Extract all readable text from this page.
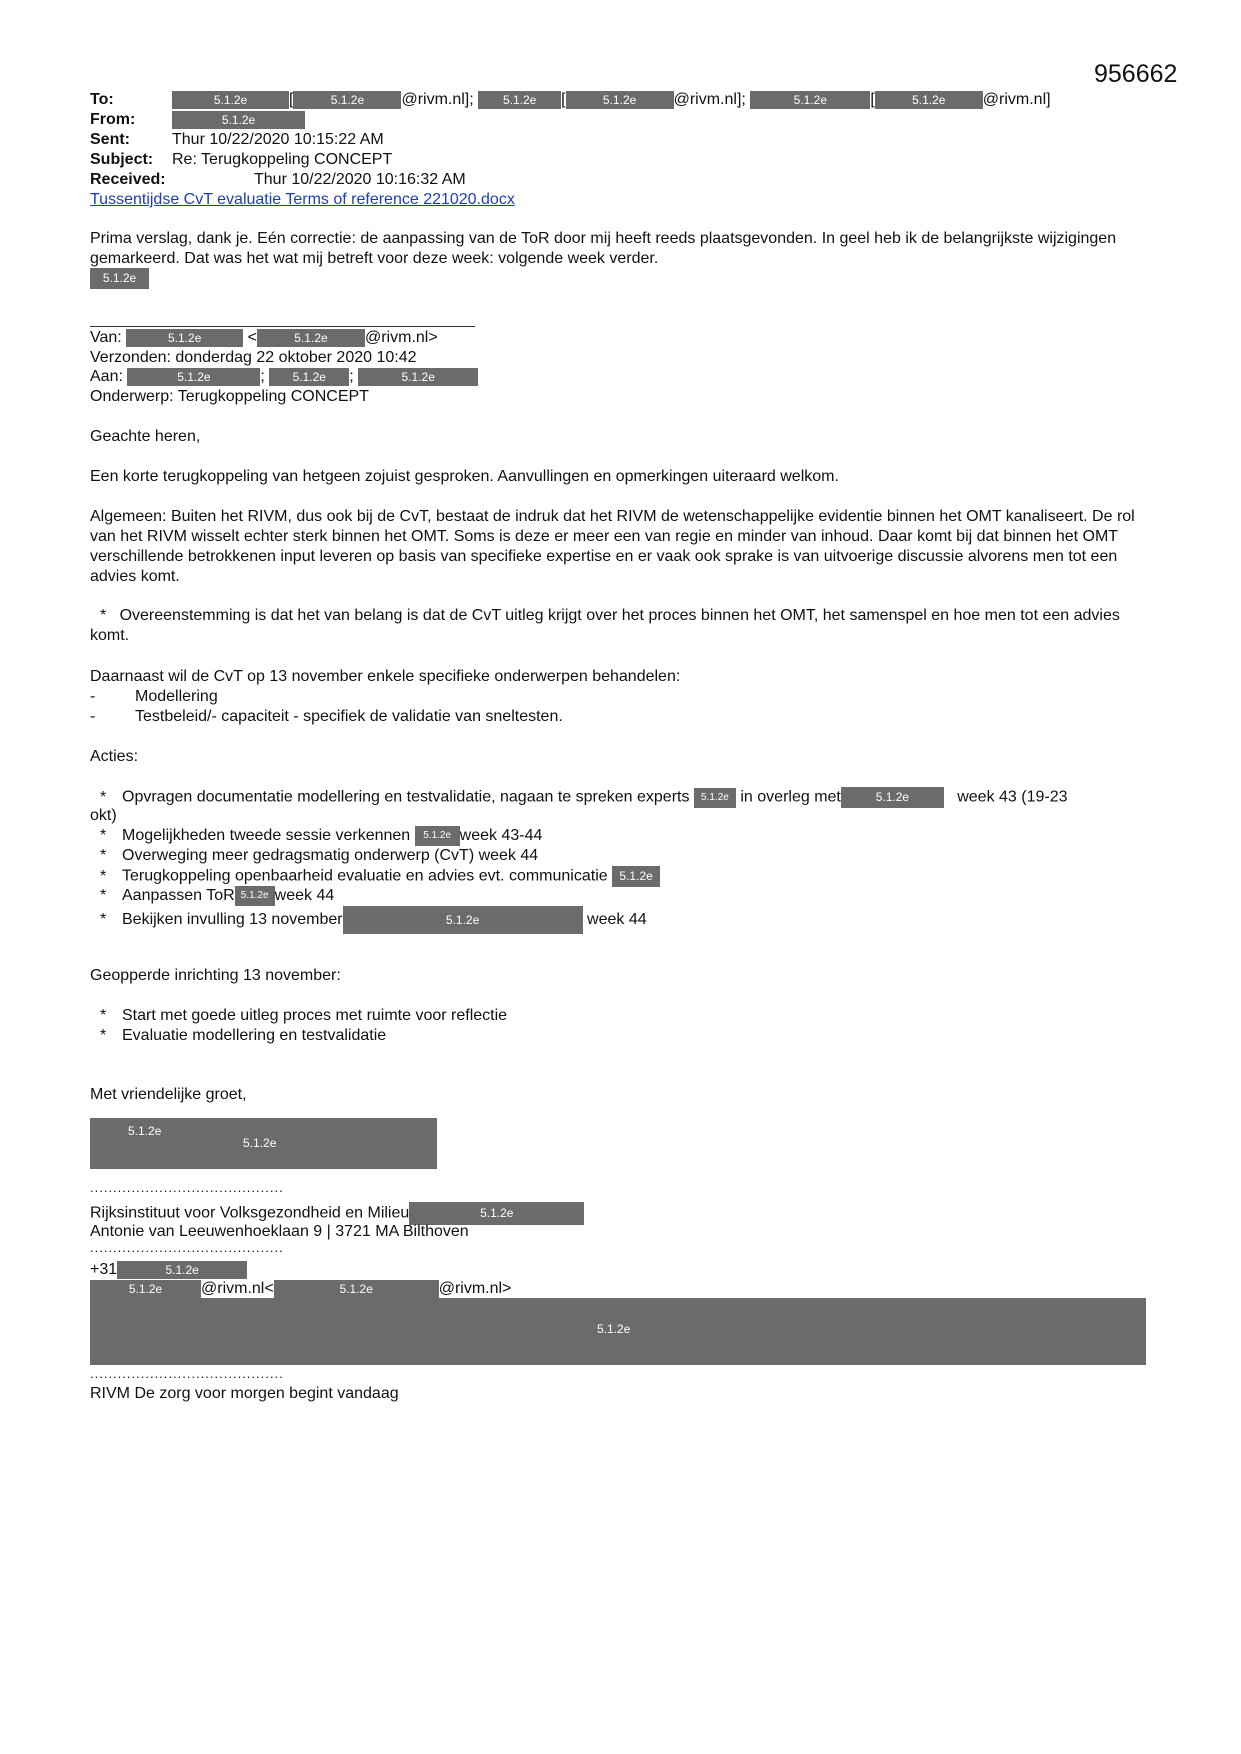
956662
To:	5.1.2e	[	5.1.2e @rivm.nl]; 5.1.2e [	5.1.2e @rivm.nl];	5.1.2e	[	5.1.2e @rivm.nl]
From:	5.1.2e
Sent:	Thur 10/22/2020 10:15:22 AM
Subject: Re: Terugkoppeling CONCEPT
Received:	Thur 10/22/2020 10:16:32 AM
Tussentijdse CvT evaluatie Terms of reference 221020.docx
Prima verslag, dank je. Eén correctie: de aanpassing van de ToR door mij heeft reeds plaatsgevonden. In geel heb ik de belangrijkste wijzigingen gemarkeerd. Dat was het wat mij betreft voor deze week: volgende week verder.
5.1.2e
Van:	5.1.2e	<	5.1.2e @rivm.nl>
Verzonden: donderdag 22 oktober 2020 10:42
Aan:	5.1.2e	; 5.1.2e ;	5.1.2e
Onderwerp: Terugkoppeling CONCEPT
Geachte heren,
Een korte terugkoppeling van hetgeen zojuist gesproken. Aanvullingen en opmerkingen uiteraard welkom.
Algemeen: Buiten het RIVM, dus ook bij de CvT, bestaat de indruk dat het RIVM de wetenschappelijke evidentie binnen het OMT kanaliseert. De rol van het RIVM wisselt echter sterk binnen het OMT. Soms is deze er meer een van regie en minder van inhoud. Daar komt bij dat binnen het OMT verschillende betrokkenen input leveren op basis van specifieke expertise en er vaak ook sprake is van uitvoerige discussie alvorens men tot een advies komt.
* Overeenstemming is dat het van belang is dat de CvT uitleg krijgt over het proces binnen het OMT, het samenspel en hoe men tot een advies komt.
Daarnaast wil de CvT op 13 november enkele specifieke onderwerpen behandelen:
- Modellering
- Testbeleid/- capaciteit - specifiek de validatie van sneltesten.
Acties:
* Opvragen documentatie modellering en testvalidatie, nagaan te spreken experts 5.1.2e in overleg met	5.1.2e	week 43 (19-23
okt)
* Mogelijkheden tweede sessie verkennen 5.1.2e week 43-44
* Overweging meer gedragsmatig onderwerp (CvT) week 44
* Terugkoppeling openbaarheid evaluatie en advies evt. communicatie 5.1.2e
* Aanpassen ToR 5.1.2e week 44
* Bekijken invulling 13 november	5.1.2e	week 44
Geopperde inrichting 13 november:
* Start met goede uitleg proces met ruimte voor reflectie
* Evaluatie modellering en testvalidatie
Met vriendelijke groet,
5.1.2e
5.1.2e
..........................................
Rijksinstituut voor Volksgezondheid en Milieu	5.1.2e
Antonie van Leeuwenhoeklaan 9 | 3721 MA Bilthoven
..........................................
+31	5.1.2e
5.1.2e @rivm.nl<	5.1.2e	@rivm.nl>
5.1.2e
..........................................
RIVM De zorg voor morgen begint vandaag
